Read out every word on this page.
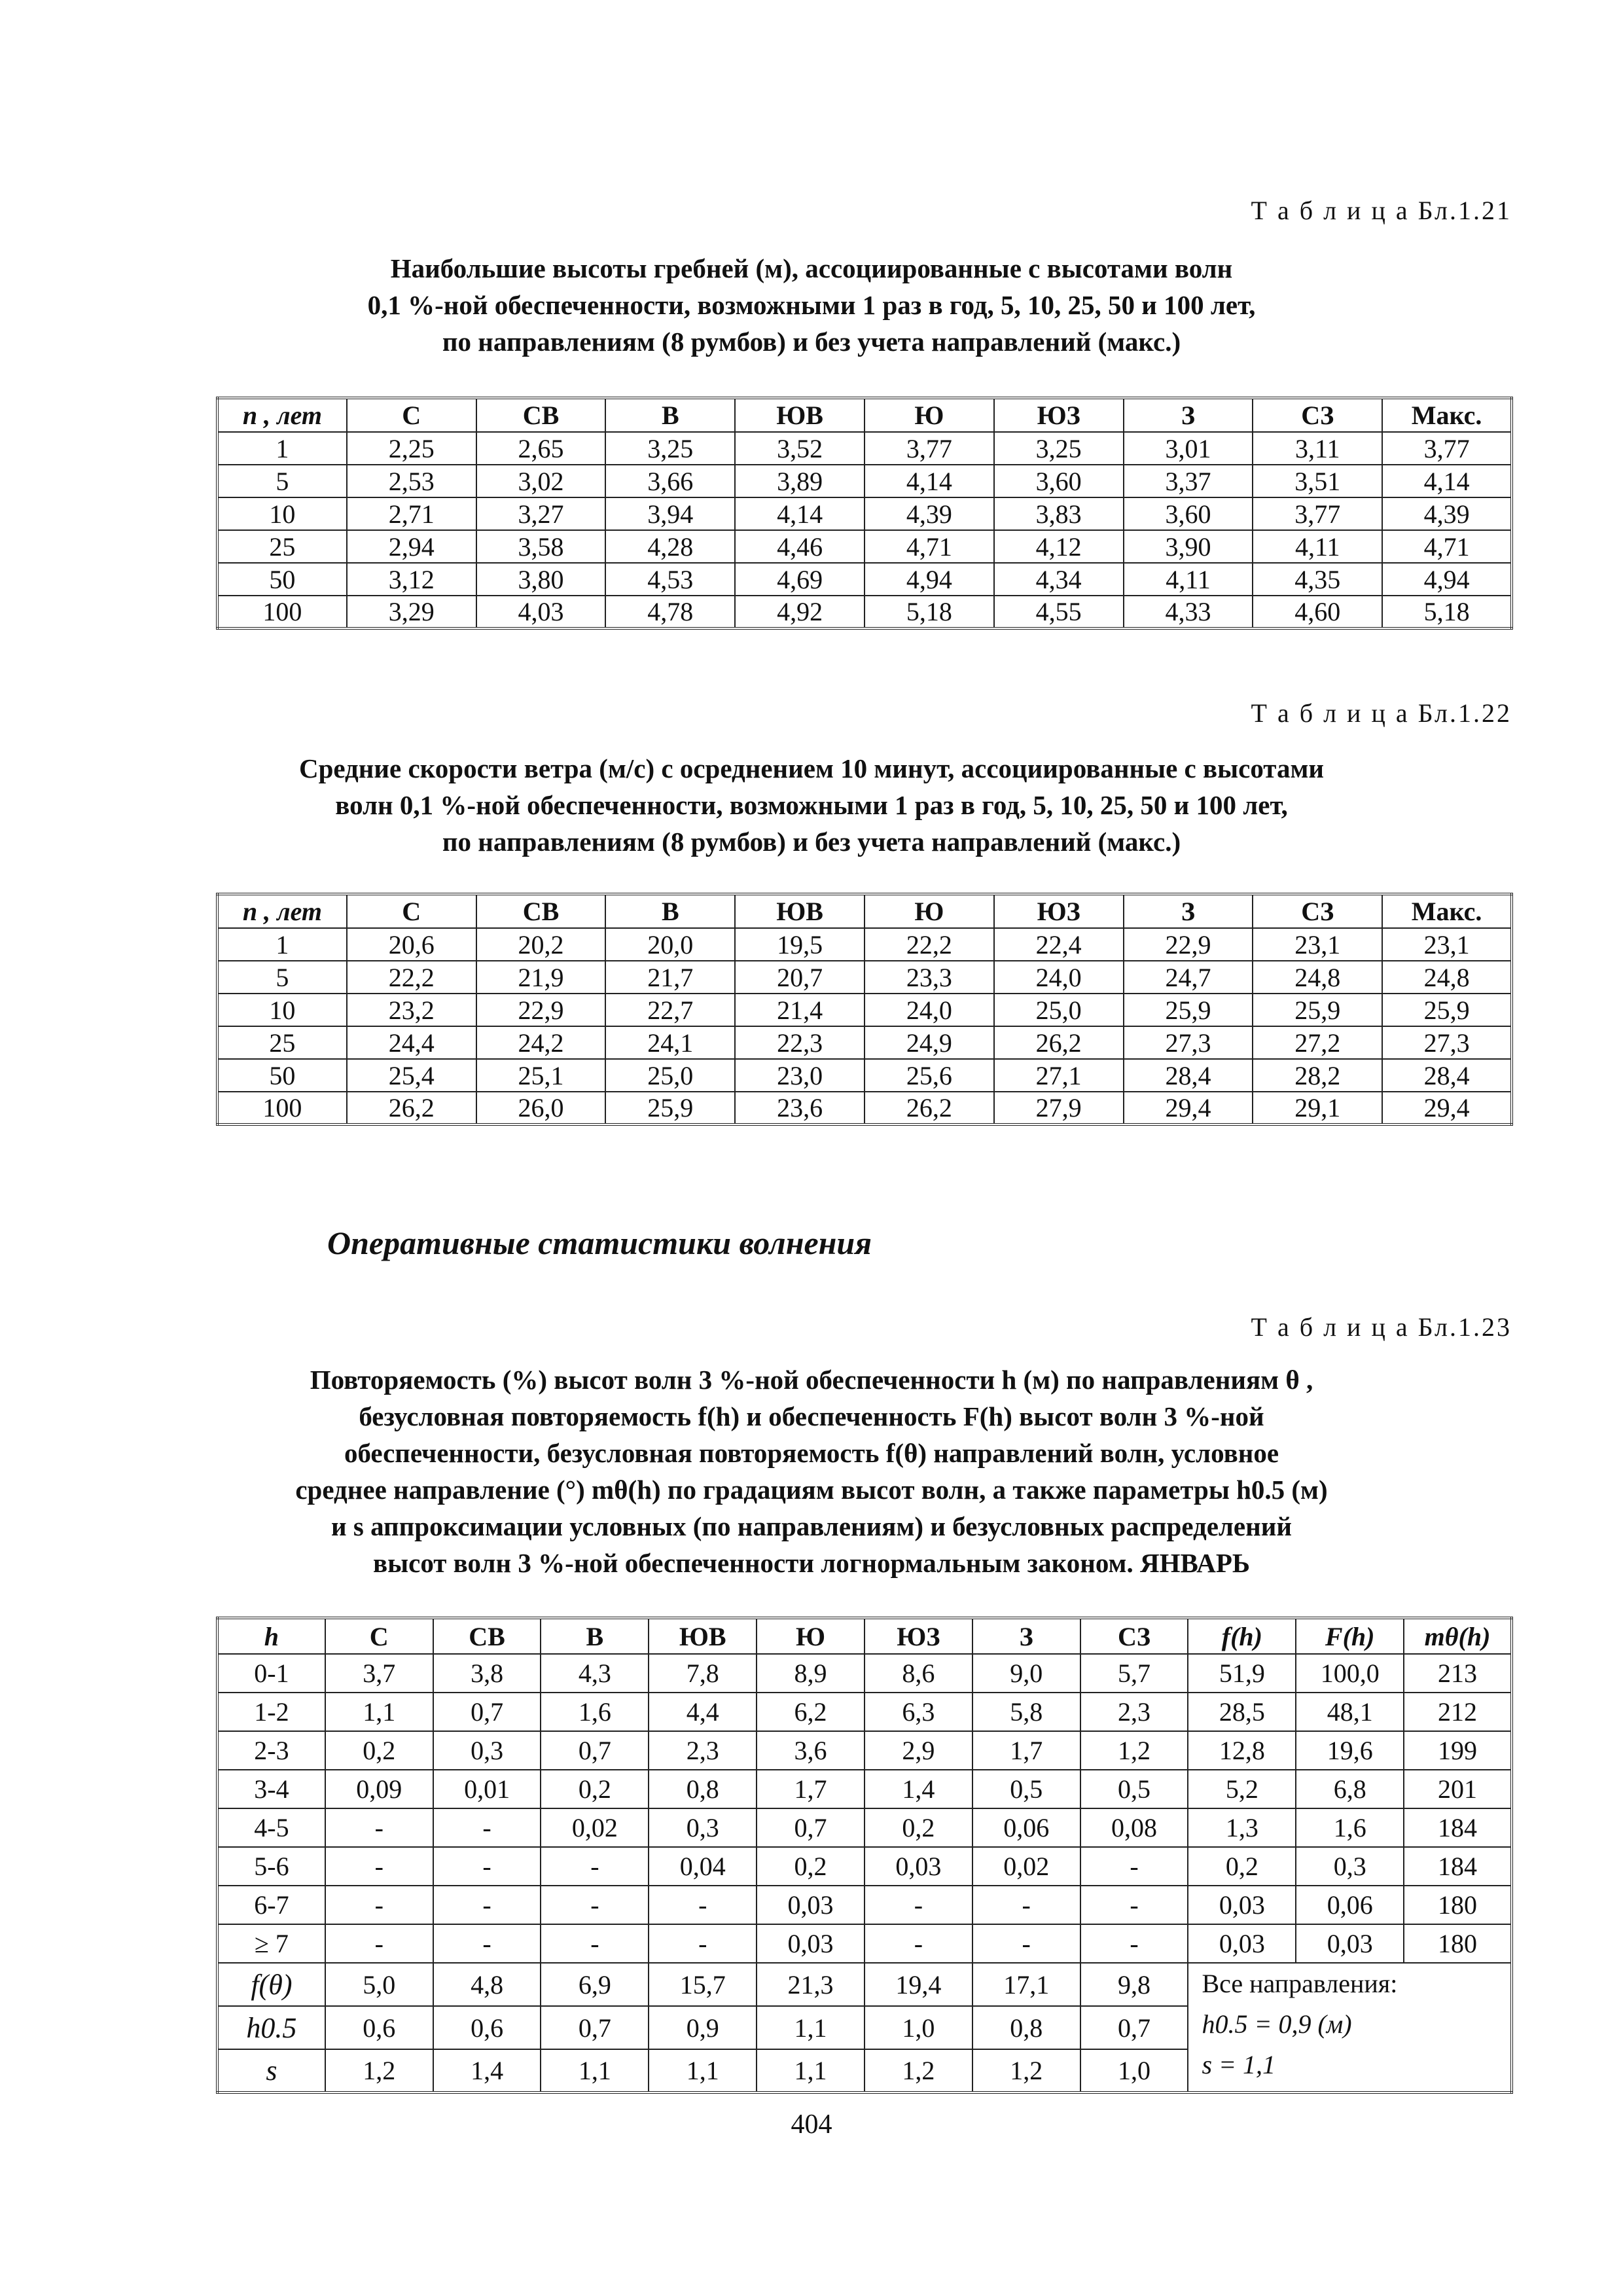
Т а б л и ц а Бл.1.21
Наибольшие высоты гребней (м), ассоциированные с высотами волн
0,1 %-ной обеспеченности, возможными 1 раз в год, 5, 10, 25, 50 и 100 лет,
по направлениям (8 румбов) и без учета направлений (макс.)
n , лет	С	СВ	В	ЮВ	Ю	ЮЗ	З	СЗ	Макс.
1	2,25	2,65	3,25	3,52	3,77	3,25	3,01	3,11	3,77
5	2,53	3,02	3,66	3,89	4,14	3,60	3,37	3,51	4,14
10	2,71	3,27	3,94	4,14	4,39	3,83	3,60	3,77	4,39
25	2,94	3,58	4,28	4,46	4,71	4,12	3,90	4,11	4,71
50	3,12	3,80	4,53	4,69	4,94	4,34	4,11	4,35	4,94
100	3,29	4,03	4,78	4,92	5,18	4,55	4,33	4,60	5,18
Т а б л и ц а Бл.1.22
Средние скорости ветра (м/с) с осреднением 10 минут, ассоциированные с высотами
волн 0,1 %-ной обеспеченности, возможными 1 раз в год, 5, 10, 25, 50 и 100 лет,
по направлениям (8 румбов) и без учета направлений (макс.)
n , лет	С	СВ	В	ЮВ	Ю	ЮЗ	З	СЗ	Макс.
1	20,6	20,2	20,0	19,5	22,2	22,4	22,9	23,1	23,1
5	22,2	21,9	21,7	20,7	23,3	24,0	24,7	24,8	24,8
10	23,2	22,9	22,7	21,4	24,0	25,0	25,9	25,9	25,9
25	24,4	24,2	24,1	22,3	24,9	26,2	27,3	27,2	27,3
50	25,4	25,1	25,0	23,0	25,6	27,1	28,4	28,2	28,4
100	26,2	26,0	25,9	23,6	26,2	27,9	29,4	29,1	29,4
Оперативные статистики волнения
Т а б л и ц а Бл.1.23
Повторяемость (%) высот волн 3 %-ной обеспеченности h (м) по направлениям θ ,
безусловная повторяемость f(h) и обеспеченность F(h) высот волн 3 %-ной
обеспеченности, безусловная повторяемость f(θ) направлений волн, условное
среднее направление (°) mθ(h) по градациям высот волн, а также параметры h0.5 (м)
и s аппроксимации условных (по направлениям) и безусловных распределений
высот волн 3 %-ной обеспеченности логнормальным законом. ЯНВАРЬ
h	С	СВ	В	ЮВ	Ю	ЮЗ	З	СЗ	f(h)	F(h)	mθ(h)
0-1	3,7	3,8	4,3	7,8	8,9	8,6	9,0	5,7	51,9	100,0	213
1-2	1,1	0,7	1,6	4,4	6,2	6,3	5,8	2,3	28,5	48,1	212
2-3	0,2	0,3	0,7	2,3	3,6	2,9	1,7	1,2	12,8	19,6	199
3-4	0,09	0,01	0,2	0,8	1,7	1,4	0,5	0,5	5,2	6,8	201
4-5	-	-	0,02	0,3	0,7	0,2	0,06	0,08	1,3	1,6	184
5-6	-	-	-	0,04	0,2	0,03	0,02	-	0,2	0,3	184
6-7	-	-	-	-	0,03	-	-	-	0,03	0,06	180
≥ 7	-	-	-	-	0,03	-	-	-	0,03	0,03	180
f(θ)	5,0	4,8	6,9	15,7	21,3	19,4	17,1	9,8	Все направления:
h0.5 = 0,9 (м)
s = 1,1		

h0.5	0,6	0,6	0,7	0,9	1,1	1,0	0,8	0,7			
s	1,2	1,4	1,1	1,1	1,1	1,2	1,2	1,0			
404
